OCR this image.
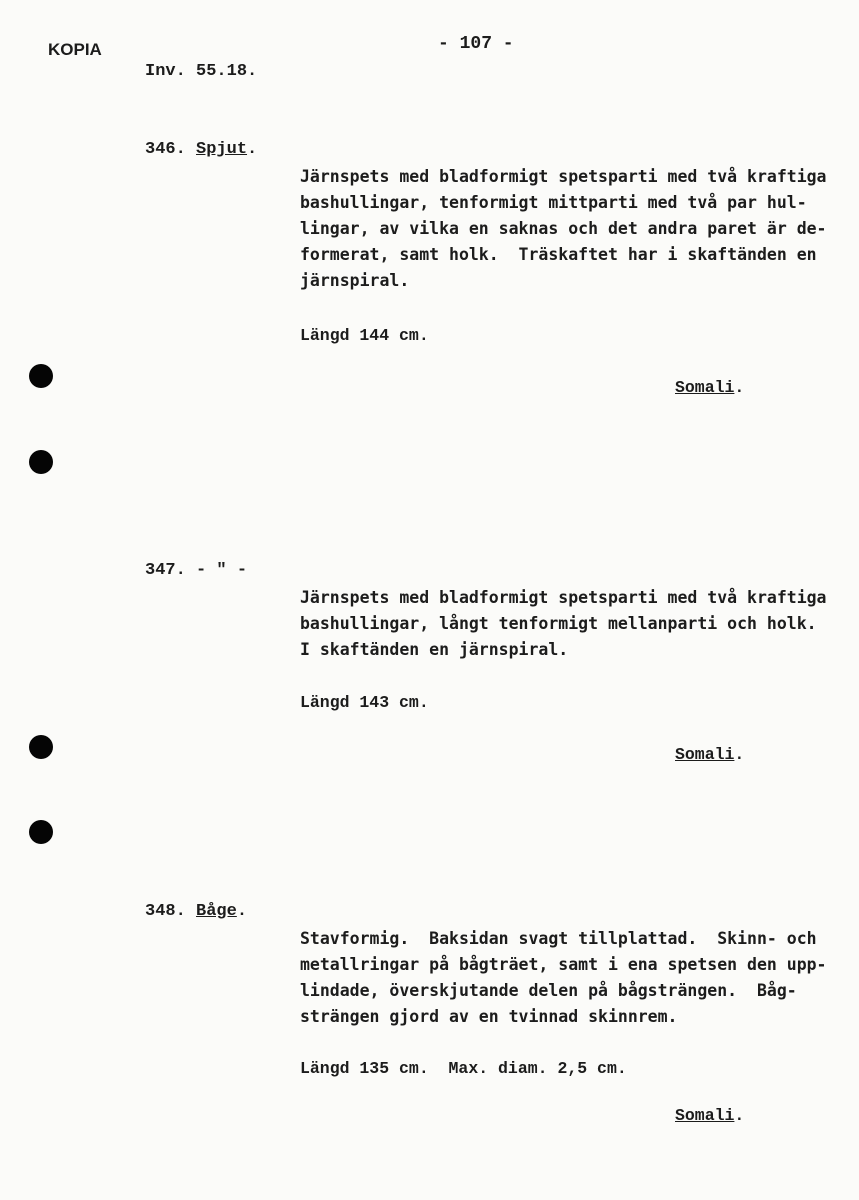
KOPIA	- 107 -
Inv. 55.18.
346. Spjut.
Järnspets med bladformigt spetsparti med två kraftiga
bashullingar, tenformigt mittparti med två par hul-
lingar, av vilka en saknas och det andra paret är de-
formerat, samt holk.  Träskaftet har i skaftänden en
järnspiral.
Längd 144 cm.
Somali.
347. - " -
Järnspets med bladformigt spetsparti med två kraftiga
bashullingar, långt tenformigt mellanparti och holk.
I skaftänden en järnspiral.
Längd 143 cm.
Somali.
348. Båge.
Stavformig.  Baksidan svagt tillplattad.  Skinn- och
metallringar på bågträet, samt i ena spetsen den upp-
lindade, överskjutande delen på bågsträngen.  Båg-
strängen gjord av en tvinnad skinnrem.
Längd 135 cm.  Max. diam. 2,5 cm.
Somali.
